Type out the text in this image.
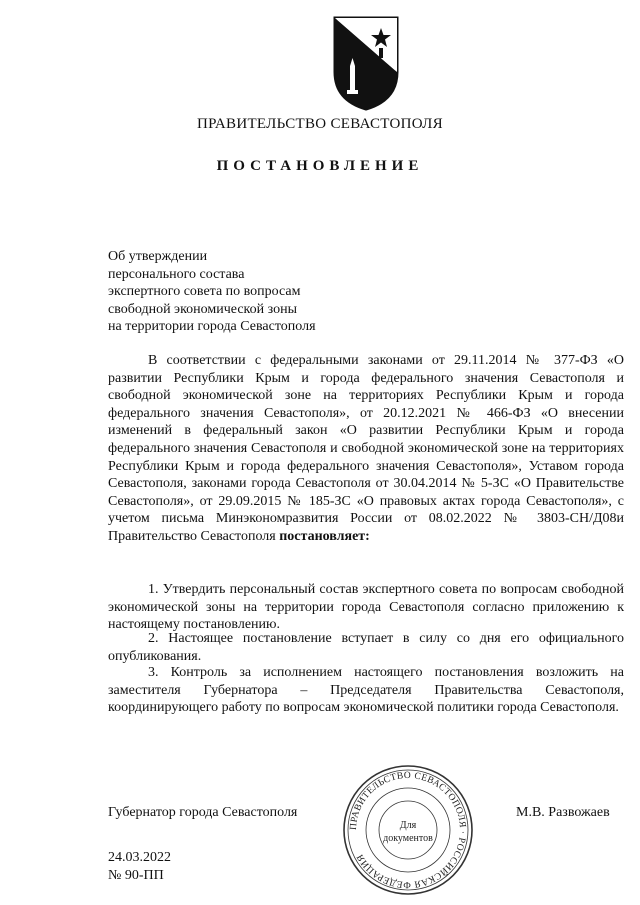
ПРАВИТЕЛЬСТВО СЕВАСТОПОЛЯ
ПОСТАНОВЛЕНИЕ
Об утверждении
персонального состава
экспертного совета по вопросам
свободной экономической зоны
на территории города Севастополя
В соответствии с федеральными законами от 29.11.2014 № 377-ФЗ «О развитии Республики Крым и города федерального значения Севастополя и свободной экономической зоне на территориях Республики Крым и города федерального значения Севастополя», от 20.12.2021 № 466-ФЗ «О внесении изменений в федеральный закон «О развитии Республики Крым и города федерального значения Севастополя и свободной экономической зоне на территориях Республики Крым и города федерального значения Севастополя», Уставом города Севастополя, законами города Севастополя от 30.04.2014 № 5-ЗС «О Правительстве Севастополя», от 29.09.2015 № 185-ЗС «О правовых актах города Севастополя», с учетом письма Минэкономразвития России от 08.02.2022 № 3803-СН/Д08и Правительство Севастополя постановляет:
1. Утвердить персональный состав экспертного совета по вопросам свободной экономической зоны на территории города Севастополя согласно приложению к настоящему постановлению.
2. Настоящее постановление вступает в силу со дня его официального опубликования.
3. Контроль за исполнением настоящего постановления возложить на заместителя Губернатора – Председателя Правительства Севастополя, координирующего работу по вопросам экономической политики города Севастополя.
Губернатор города Севастополя
ПРАВИТЕЛЬСТВО СЕВАСТОПОЛЯ · РОССИЙСКАЯ ФЕДЕРАЦИЯ
Для
документов
М.В. Развожаев
24.03.2022
№ 90-ПП
